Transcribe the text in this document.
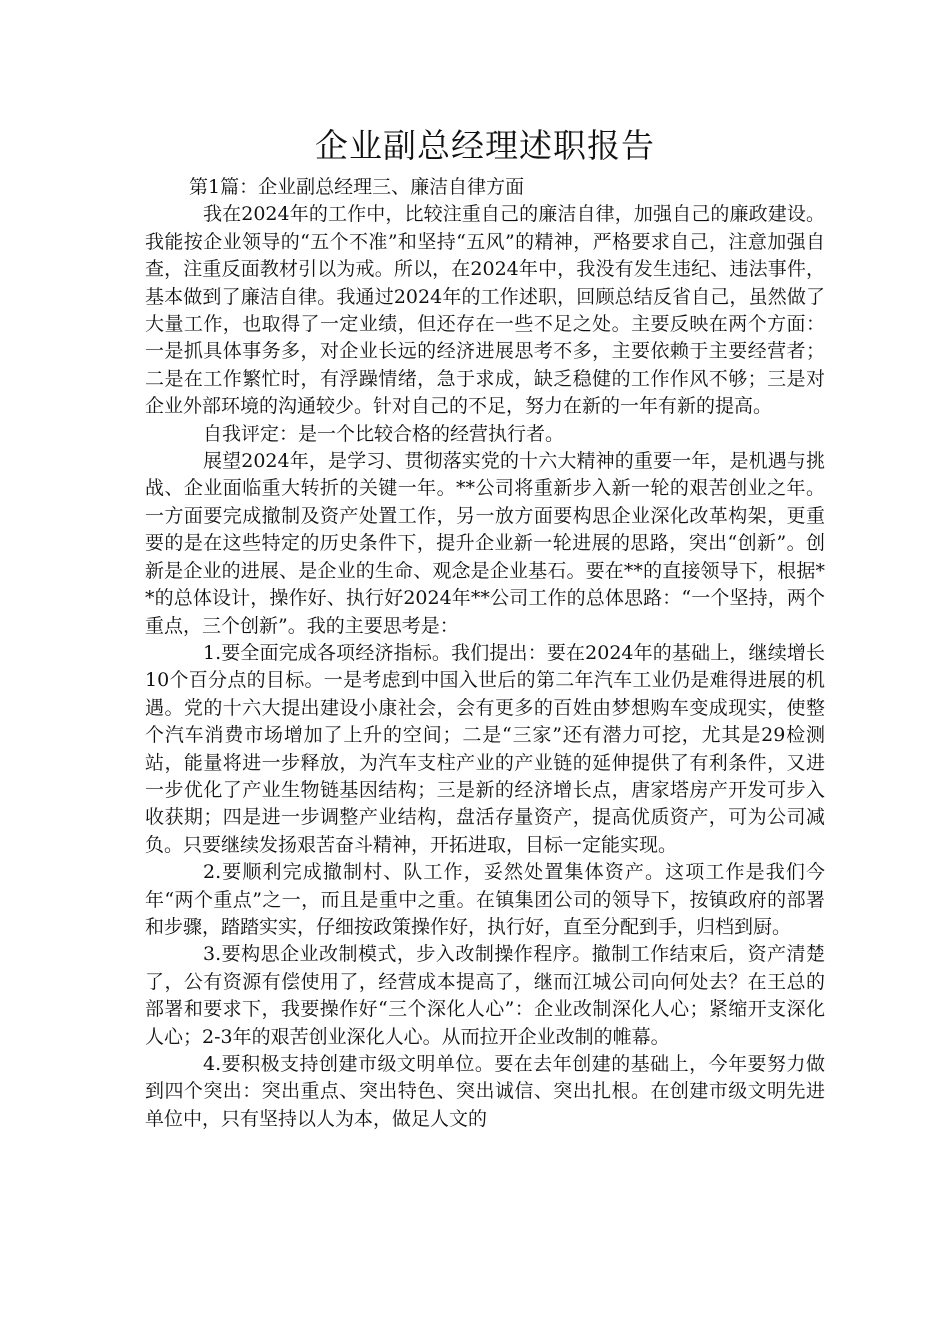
企业副总经理述职报告

第1篇：企业副总经理三、廉洁自律方面

我在2024年的工作中，比较注重自己的廉洁自律，加强自己的廉政建设。我能按企业领导的“五个不准”和坚持“五风”的精神，严格要求自己，注意加强自查，注重反面教材引以为戒。所以，在2024年中，我没有发生违纪、违法事件，基本做到了廉洁自律。我通过2024年的工作述职，回顾总结反省自己，虽然做了大量工作，也取得了一定业绩，但还存在一些不足之处。主要反映在两个方面：一是抓具体事务多，对企业长远的经济进展思考不多，主要依赖于主要经营者；二是在工作繁忙时，有浮躁情绪，急于求成，缺乏稳健的工作作风不够；三是对企业外部环境的沟通较少。针对自己的不足，努力在新的一年有新的提高。

自我评定：是一个比较合格的经营执行者。

展望2024年，是学习、贯彻落实党的十六大精神的重要一年，是机遇与挑战、企业面临重大转折的关键一年。**公司将重新步入新一轮的艰苦创业之年。一方面要完成撤制及资产处置工作，另一放方面要构思企业深化改革构架，更重要的是在这些特定的历史条件下，提升企业新一轮进展的思路，突出“创新”。创新是企业的进展、是企业的生命、观念是企业基石。要在**的直接领导下，根据**的总体设计，操作好、执行好2024年**公司工作的总体思路：“一个坚持，两个重点，三个创新”。我的主要思考是：

1.要全面完成各项经济指标。我们提出：要在2024年的基础上，继续增长10个百分点的目标。一是考虑到中国入世后的第二年汽车工业仍是难得进展的机遇。党的十六大提出建设小康社会，会有更多的百姓由梦想购车变成现实，使整个汽车消费市场增加了上升的空间；二是“三家”还有潜力可挖，尤其是29检测站，能量将进一步释放，为汽车支柱产业的产业链的延伸提供了有利条件，又进一步优化了产业生物链基因结构；三是新的经济增长点，唐家塔房产开发可步入收获期；四是进一步调整产业结构，盘活存量资产，提高优质资产，可为公司减负。只要继续发扬艰苦奋斗精神，开拓进取，目标一定能实现。

2.要顺利完成撤制村、队工作，妥然处置集体资产。这项工作是我们今年“两个重点”之一，而且是重中之重。在镇集团公司的领导下，按镇政府的部署和步骤，踏踏实实，仔细按政策操作好，执行好，直至分配到手，归档到厨。

3.要构思企业改制模式，步入改制操作程序。撤制工作结束后，资产清楚了，公有资源有偿使用了，经营成本提高了，继而江城公司向何处去？在王总的部署和要求下，我要操作好“三个深化人心”：企业改制深化人心；紧缩开支深化人心；2-3年的艰苦创业深化人心。从而拉开企业改制的帷幕。

4.要积极支持创建市级文明单位。要在去年创建的基础上，今年要努力做到四个突出：突出重点、突出特色、突出诚信、突出扎根。在创建市级文明先进单位中，只有坚持以人为本，做足人文的
